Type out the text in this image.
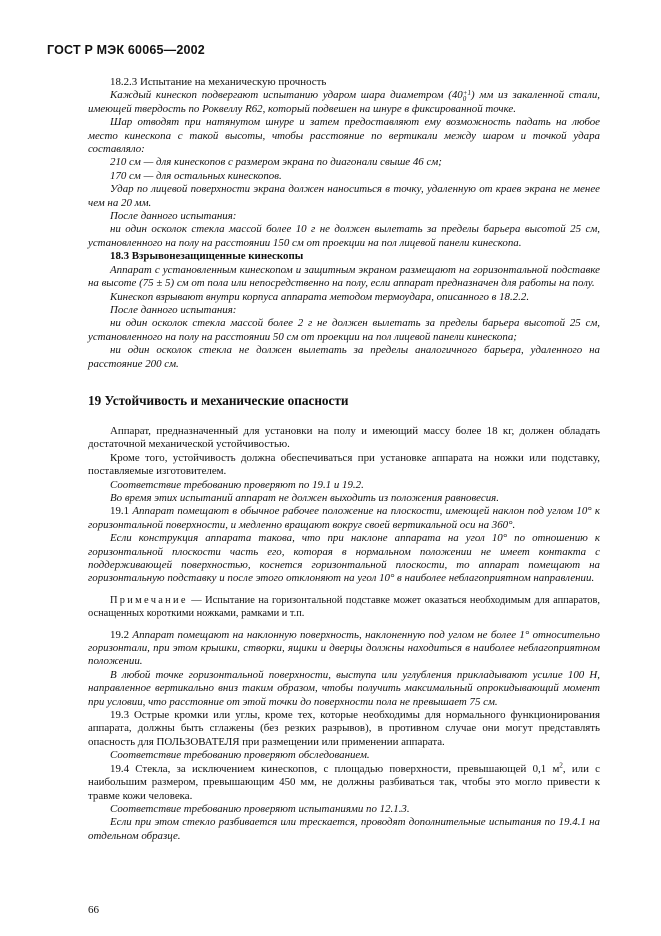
ГОСТ Р МЭК 60065—2002

18.2.3 Испытание на механическую прочность

Каждый кинескоп подвергают испытанию ударом шара диаметром (40+1
0 ) мм из закаленной стали, имеющей твердость по Роквеллу R62, который подвешен на шнуре в фиксированной точке.

Шар отводят при натянутом шнуре и затем предоставляют ему возможность падать на любое место кинескопа с такой высоты, чтобы расстояние по вертикали между шаром и точкой удара составляло:

210 см — для кинескопов с размером экрана по диагонали свыше 46 см;

170 см — для остальных кинескопов.

Удар по лицевой поверхности экрана должен наноситься в точку, удаленную от краев экрана не менее чем на 20 мм.

После данного испытания:

ни один осколок стекла массой более 10 г не должен вылетать за пределы барьера высотой 25 см, установленного на полу на расстоянии 150 см от проекции на пол лицевой панели кинескопа.

18.3 Взрывонезащищенные кинескопы

Аппарат с установленным кинескопом и защитным экраном размещают на горизонтальной подставке на высоте (75 ± 5) см от пола или непосредственно на полу, если аппарат предназначен для работы на полу.

Кинескоп взрывают внутри корпуса аппарата методом термоудара, описанного в 18.2.2.

После данного испытания:

ни один осколок стекла массой более 2 г не должен вылетать за пределы барьера высотой 25 см, установленного на полу на расстоянии 50 см от проекции на пол лицевой панели кинескопа;

ни один осколок стекла не должен вылетать за пределы аналогичного барьера, удаленного на расстояние 200 см.

19 Устойчивость и механические опасности

Аппарат, предназначенный для установки на полу и имеющий массу более 18 кг, должен обладать достаточной механической устойчивостью.

Кроме того, устойчивость должна обеспечиваться при установке аппарата на ножки или подставку, поставляемые изготовителем.

Соответствие требованию проверяют по 19.1 и 19.2.

Во время этих испытаний аппарат не должен выходить из положения равновесия.

19.1 Аппарат помещают в обычное рабочее положение на плоскости, имеющей наклон под углом 10° к горизонтальной поверхности, и медленно вращают вокруг своей вертикальной оси на 360°.

Если конструкция аппарата такова, что при наклоне аппарата на угол 10° по отношению к горизонтальной плоскости часть его, которая в нормальном положении не имеет контакта с поддерживающей поверхностью, коснется горизонтальной плоскости, то аппарат помещают на горизонтальную подставку и после этого отклоняют на угол 10° в наиболее неблагоприятном направлении.

Примечание — Испытание на горизонтальной подставке может оказаться необходимым для аппаратов, оснащенных короткими ножками, рамками и т.п.

19.2 Аппарат помещают на наклонную поверхность, наклоненную под углом не более 1° относительно горизонтали, при этом крышки, створки, ящики и дверцы должны находиться в наиболее неблагоприятном положении.

В любой точке горизонтальной поверхности, выступа или углубления прикладывают усилие 100 Н, направленное вертикально вниз таким образом, чтобы получить максимальный опрокидывающий момент при условии, что расстояние от этой точки до поверхности пола не превышает 75 см.

19.3 Острые кромки или углы, кроме тех, которые необходимы для нормального функционирования аппарата, должны быть сглажены (без резких разрывов), в противном случае они могут представлять опасность для ПОЛЬЗОВАТЕЛЯ при размещении или применении аппарата.

Соответствие требованию проверяют обследованием.

19.4 Стекла, за исключением кинескопов, с площадью поверхности, превышающей 0,1 $м^2$, или с наибольшим размером, превышающим 450 мм, не должны разбиваться так, чтобы это могло привести к травме кожи человека.

Соответствие требованию проверяют испытаниями по 12.1.3.

Если при этом стекло разбивается или трескается, проводят дополнительные испытания по 19.4.1 на отдельном образце.

66
